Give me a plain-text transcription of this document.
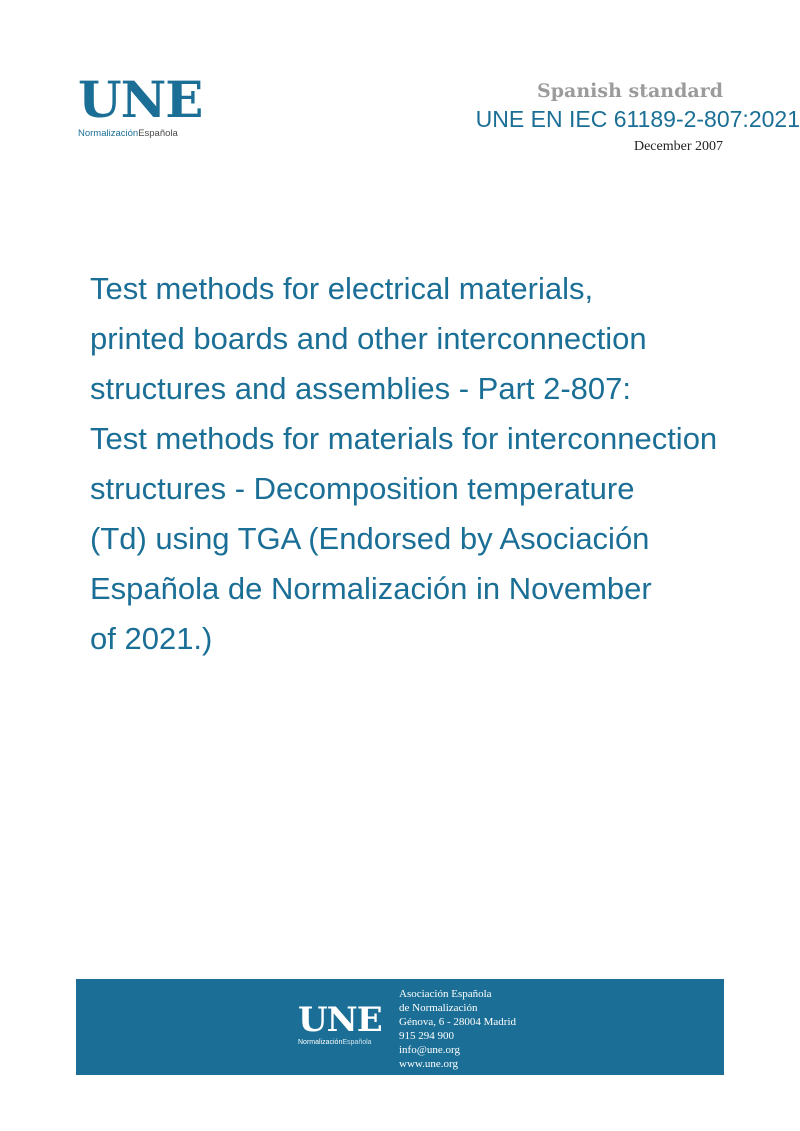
UNE
NormalizaciónEspañola
Spanish standard
UNE EN IEC 61189-2-807:2021
December 2007
Test methods for electrical materials,
printed boards and other interconnection
structures and assemblies - Part 2-807:
Test methods for materials for interconnection
structures - Decomposition temperature
(Td) using TGA (Endorsed by Asociación
Española de Normalización in November
of 2021.)
UNE
NormalizaciónEspañola
Asociación Española
de Normalización
Génova, 6 - 28004 Madrid
915 294 900
info@une.org
www.une.org
